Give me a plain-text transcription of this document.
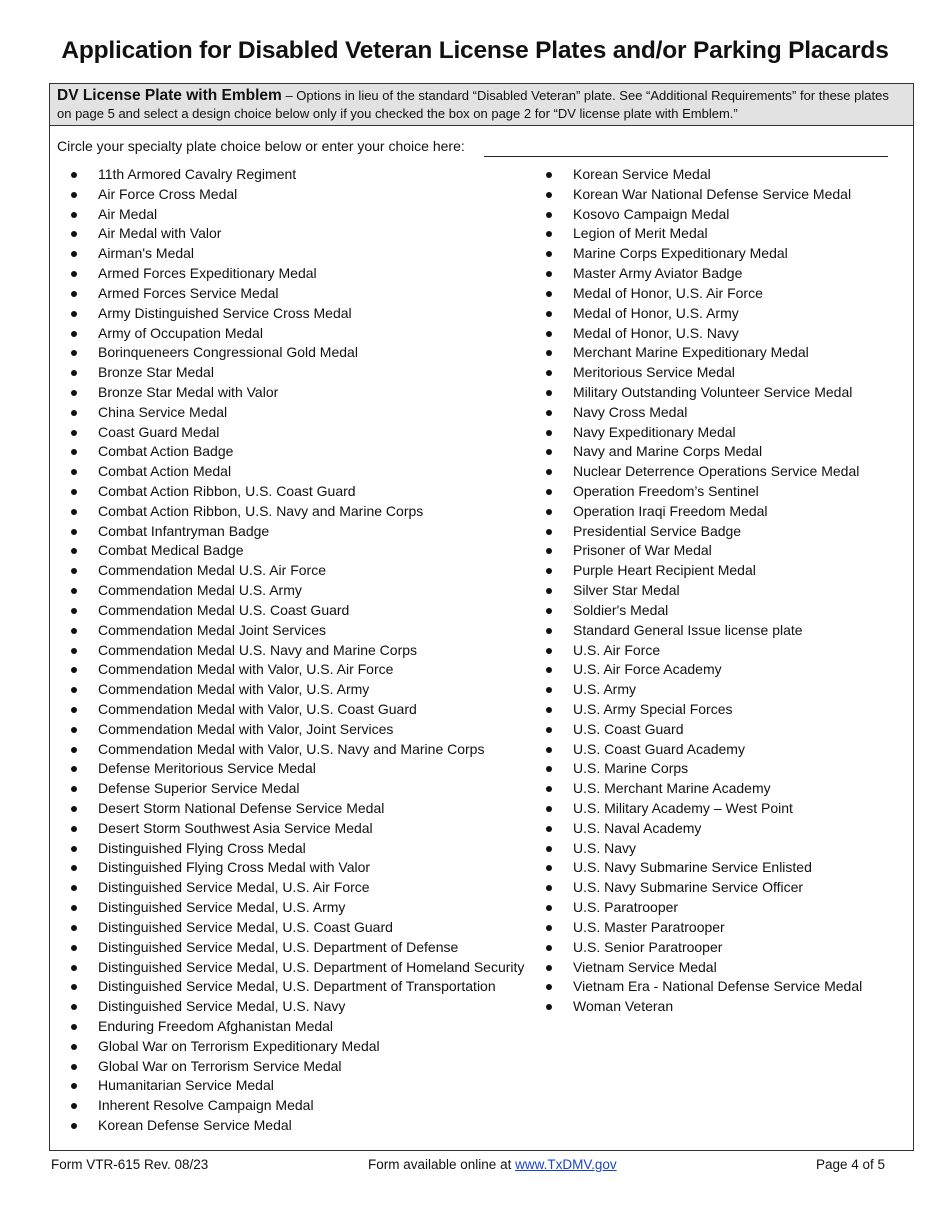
Application for Disabled Veteran License Plates and/or Parking Placards
DV License Plate with Emblem – Options in lieu of the standard “Disabled Veteran” plate. See “Additional Requirements” for these plates on page 5 and select a design choice below only if you checked the box on page 2 for “DV license plate with Emblem.”
Circle your specialty plate choice below or enter your choice here:
11th Armored Cavalry Regiment
Air Force Cross Medal
Air Medal
Air Medal with Valor
Airman's Medal
Armed Forces Expeditionary Medal
Armed Forces Service Medal
Army Distinguished Service Cross Medal
Army of Occupation Medal
Borinqueneers Congressional Gold Medal
Bronze Star Medal
Bronze Star Medal with Valor
China Service Medal
Coast Guard Medal
Combat Action Badge
Combat Action Medal
Combat Action Ribbon, U.S. Coast Guard
Combat Action Ribbon, U.S. Navy and Marine Corps
Combat Infantryman Badge
Combat Medical Badge
Commendation Medal U.S. Air Force
Commendation Medal U.S. Army
Commendation Medal U.S. Coast Guard
Commendation Medal Joint Services
Commendation Medal U.S. Navy and Marine Corps
Commendation Medal with Valor, U.S. Air Force
Commendation Medal with Valor, U.S. Army
Commendation Medal with Valor, U.S. Coast Guard
Commendation Medal with Valor, Joint Services
Commendation Medal with Valor, U.S. Navy and Marine Corps
Defense Meritorious Service Medal
Defense Superior Service Medal
Desert Storm National Defense Service Medal
Desert Storm Southwest Asia Service Medal
Distinguished Flying Cross Medal
Distinguished Flying Cross Medal with Valor
Distinguished Service Medal, U.S. Air Force
Distinguished Service Medal, U.S. Army
Distinguished Service Medal, U.S. Coast Guard
Distinguished Service Medal, U.S. Department of Defense
Distinguished Service Medal, U.S. Department of Homeland Security
Distinguished Service Medal, U.S. Department of Transportation
Distinguished Service Medal, U.S. Navy
Enduring Freedom Afghanistan Medal
Global War on Terrorism Expeditionary Medal
Global War on Terrorism Service Medal
Humanitarian Service Medal
Inherent Resolve Campaign Medal
Korean Defense Service Medal
Korean Service Medal
Korean War National Defense Service Medal
Kosovo Campaign Medal
Legion of Merit Medal
Marine Corps Expeditionary Medal
Master Army Aviator Badge
Medal of Honor, U.S. Air Force
Medal of Honor, U.S. Army
Medal of Honor, U.S. Navy
Merchant Marine Expeditionary Medal
Meritorious Service Medal
Military Outstanding Volunteer Service Medal
Navy Cross Medal
Navy Expeditionary Medal
Navy and Marine Corps Medal
Nuclear Deterrence Operations Service Medal
Operation Freedom’s Sentinel
Operation Iraqi Freedom Medal
Presidential Service Badge
Prisoner of War Medal
Purple Heart Recipient Medal
Silver Star Medal
Soldier's Medal
Standard General Issue license plate
U.S. Air Force
U.S. Air Force Academy
U.S. Army
U.S. Army Special Forces
U.S. Coast Guard
U.S. Coast Guard Academy
U.S. Marine Corps
U.S. Merchant Marine Academy
U.S. Military Academy – West Point
U.S. Naval Academy
U.S. Navy
U.S. Navy Submarine Service Enlisted
U.S. Navy Submarine Service Officer
U.S. Paratrooper
U.S. Master Paratrooper
U.S. Senior Paratrooper
Vietnam Service Medal
Vietnam Era - National Defense Service Medal
Woman Veteran
Form VTR-615 Rev. 08/23	Form available online at www.TxDMV.gov	Page 4 of 5
